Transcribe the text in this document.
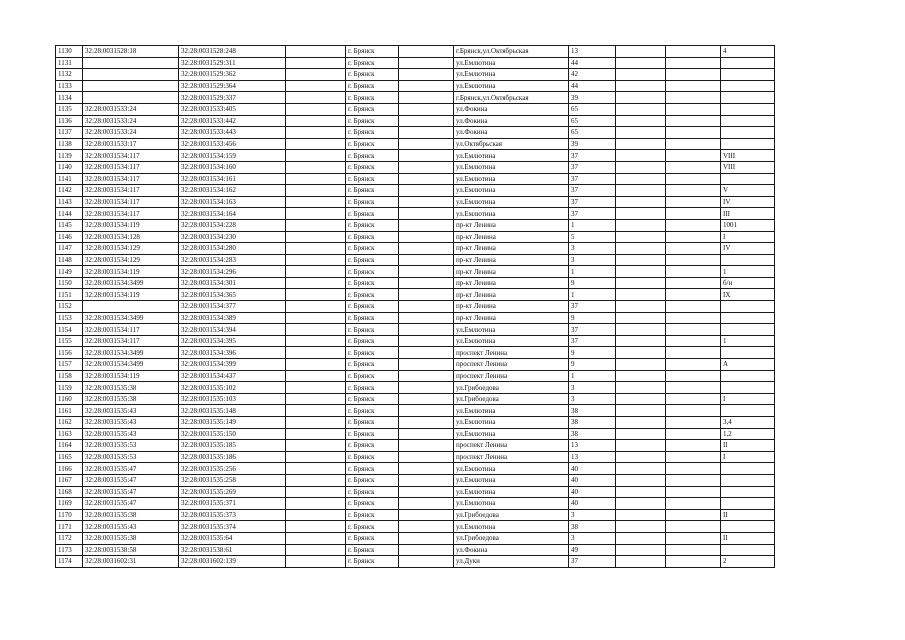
1130	32:28:0031528:18	32:28:0031528:248		г. Брянск		г.Брянск,ул.Октябрьская	13			4
1131		32:28:0031529:311		г. Брянск		ул.Емлютина	44			
1132		32:28:0031529:362		г. Брянск		ул.Емлютина	42			
1133		32:28:0031529:364		г. Брянск		ул.Емлютина	44			
1134		32:28:0031529:337		г. Брянск		г.Брянск,ул.Октябрьская	39			
1135	32:28:0031533:24	32:28:0031533:405		г. Брянск		ул.Фокина	65			
1136	32:28:0031533:24	32:28:0031533:442		г. Брянск		ул.Фокина	65			
1137	32:28:0031533:24	32:28:0031533:443		г. Брянск		ул.Фокина	65			
1138	32:28:0031533:17	32:28:0031533:456		г. Брянск		ул.Октябрьская	39			
1139	32:28:0031534:117	32:28:0031534:159		г. Брянск		ул.Емлютина	37			VIII
1140	32:28:0031534:117	32:28:0031534:160		г. Брянск		ул.Емлютина	37			VIII
1141	32:28:0031534:117	32:28:0031534:161		г. Брянск		ул.Емлютина	37			
1142	32:28:0031534:117	32:28:0031534:162		г. Брянск		ул.Емлютина	37			V
1143	32:28:0031534:117	32:28:0031534:163		г. Брянск		ул.Емлютина	37			IV
1144	32:28:0031534:117	32:28:0031534:164		г. Брянск		ул.Емлютина	37			III
1145	32:28:0031534:119	32:28:0031534:228		г. Брянск		пр-кт Ленина	1			1001
1146	32:28:0031534:128	32:28:0031534:230		г. Брянск		пр-кт Ленина	5			I
1147	32:28:0031534:129	32:28:0031534:280		г. Брянск		пр-кт Ленина	3			IV
1148	32:28:0031534:129	32:28:0031534:283		г. Брянск		пр-кт Ленина	3			
1149	32:28:0031534:119	32:28:0031534:296		г. Брянск		пр-кт Ленина	1			1
1150	32:28:0031534:3499	32:28:0031534:301		г. Брянск		пр-кт Ленина	9			б/н
1151	32:28:0031534:119	32:28:0031534:365		г. Брянск		пр-кт Ленина	1			IX
1152		32:28:0031534:377		г. Брянск		пр-кт Ленина	37			
1153	32:28:0031534:3499	32:28:0031534:389		г. Брянск		пр-кт Ленина	9			
1154	32:28:0031534:117	32:28:0031534:394		г. Брянск		ул.Емлютина	37			
1155	32:28:0031534:117	32:28:0031534:395		г. Брянск		ул.Емлютина	37			1
1156	32:28:0031534:3499	32:28:0031534:396		г. Брянск		проспект Ленина	9			
1157	32:28:0031534:3499	32:28:0031534:399		г. Брянск		проспект Ленина	9			А
1158	32:28:0031534:119	32:28:0031534:437		г. Брянск		проспект Ленина	1			
1159	32:28:0031535:38	32:28:0031535:102		г. Брянск		ул.Грибоедова	3			
1160	32:28:0031535:38	32:28:0031535:103		г. Брянск		ул.Грибоедова	3			I
1161	32:28:0031535:43	32:28:0031535:148		г. Брянск		ул.Емлютина	38			
1162	32:28:0031535:43	32:28:0031535:149		г. Брянск		ул.Емлютина	38			3,4
1163	32:28:0031535:43	32:28:0031535:150		г. Брянск		ул.Емлютина	38			1,2
1164	32:28:0031535:53	32:28:0031535:185		г. Брянск		проспект Ленина	13			II
1165	32:28:0031535:53	32:28:0031535:186		г. Брянск		проспект Ленина	13			I
1166	32:28:0031535:47	32:28:0031535:256		г. Брянск		ул.Емлютина	40			
1167	32:28:0031535:47	32:28:0031535:258		г. Брянск		ул.Емлютина	40			
1168	32:28:0031535:47	32:28:0031535:269		г. Брянск		ул.Емлютина	40			
1169	32:28:0031535:47	32:28:0031535:371		г. Брянск		ул.Емлютина	40			
1170	32:28:0031535:38	32:28:0031535:373		г. Брянск		ул.Грибоедова	3			II
1171	32:28:0031535:43	32:28:0031535:374		г. Брянск		ул.Емлютина	38			
1172	32:28:0031535:38	32:28:0031535:64		г. Брянск		ул.Грибоедова	3			II
1173	32:28:0031538:58	32:28:0031538:61		г. Брянск		ул.Фокина	49			
1174	32:28:0031602:31	32:28:0031602:139		г. Брянск		ул.Дуки	37			2
